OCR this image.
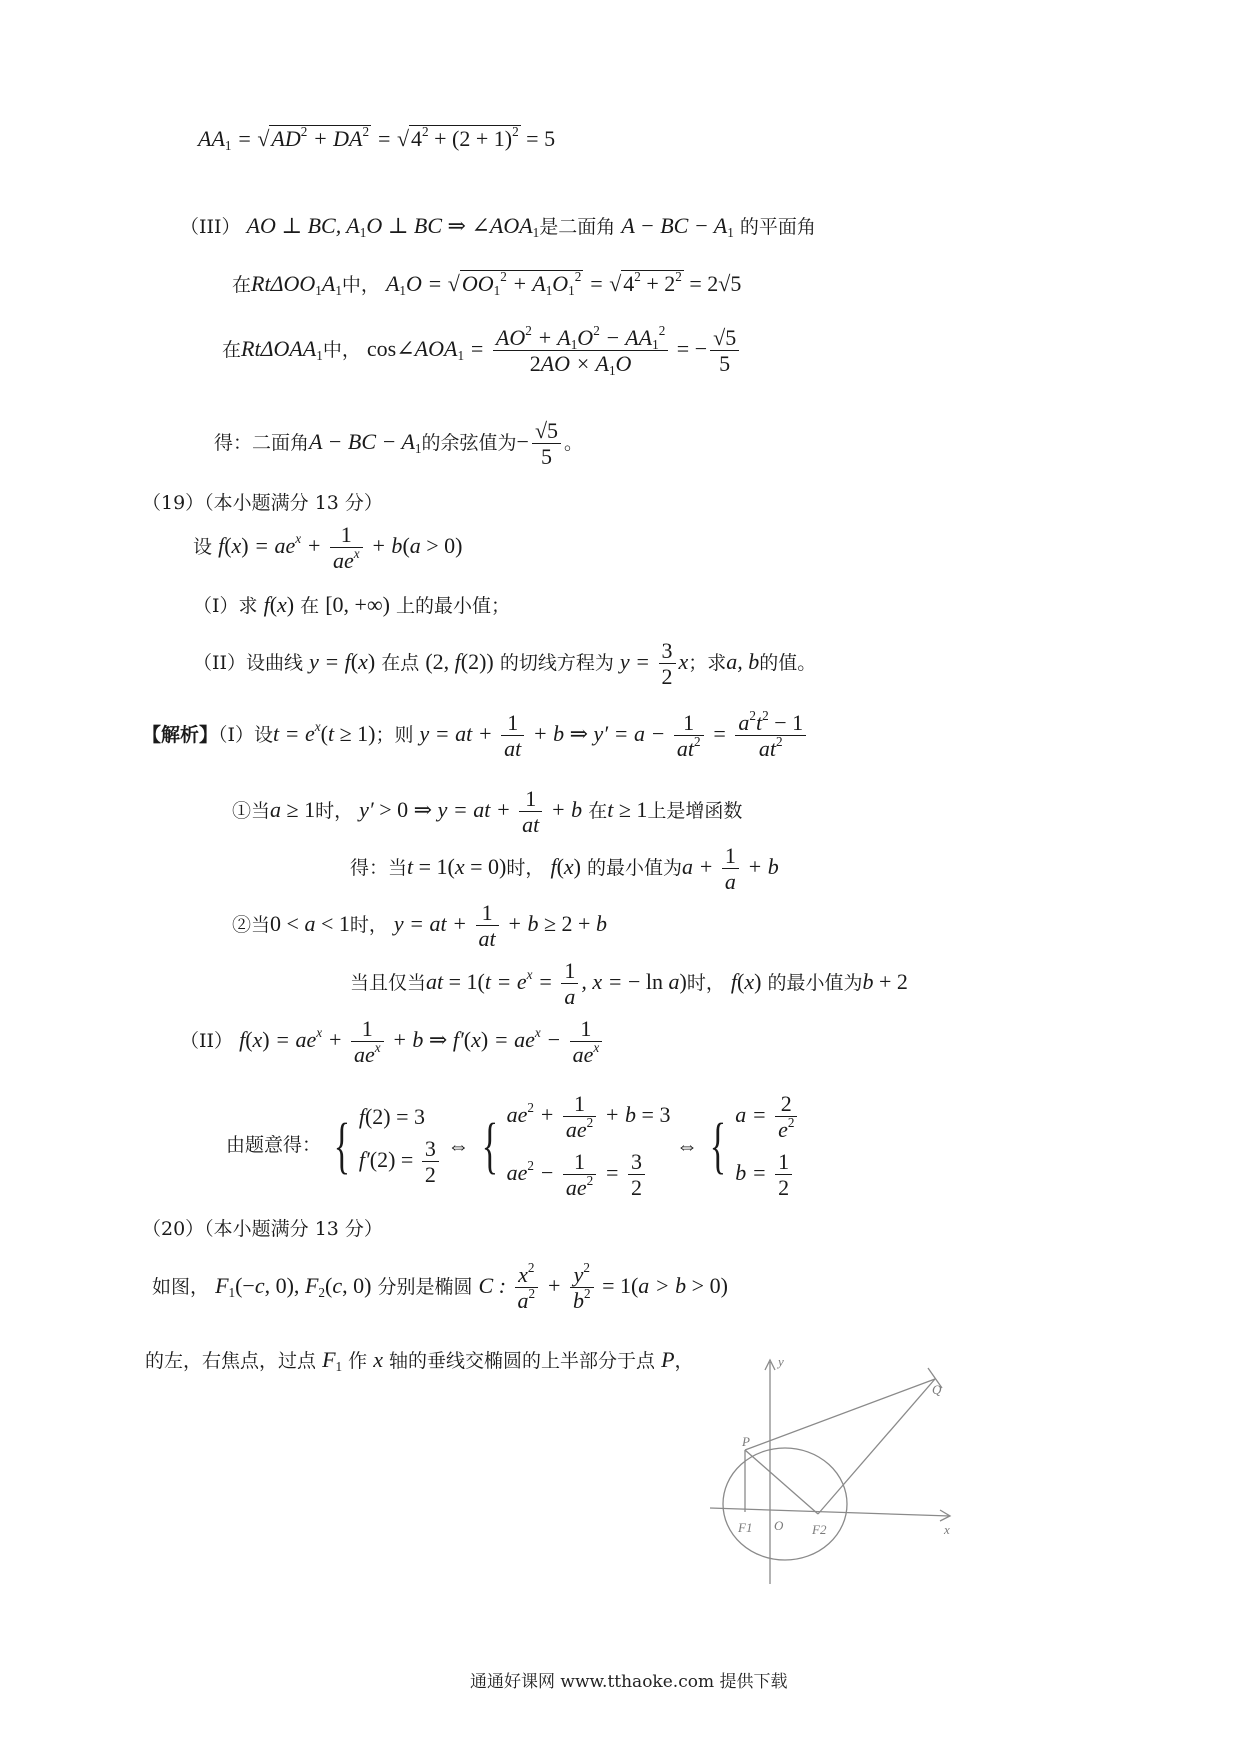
$AA_1 = √AD^2 + DA^2 = √4^2 + (2 + 1)^2 = 5$
（III） AO ⊥ BC, $A_1O$ ⊥ BC ⇒ $\angle AOA_1$是二面角 A − BC − $A_1$ 的平面角
在$Rt\Delta OO_1A_1$中， $A_1O = √OO_1^2 + A_1O_1^2 = √4^2 + 2^2 = 2√5$
在RtΔOAA$_1$中， $\cos\angle AOA_1 = \frac{AO^2 + A_1O^2 - AA_1^2}{2AO \times A_1O}$ = − $\frac{√5}{5}$
得：二面角A − BC − $A_1$的余弦值为− $\frac{√5}{5}$ 。
（19）（本小题满分 13 分）
设 $f(x) = ae^x + \frac{1}{ae^x} + b(a > 0)$
（I）求 f(x) 在 [0, +∞) 上的最小值；
（II）设曲线 y = f(x) 在点 (2, f(2)) 的切线方程为 $y = \frac{3}{2}$ x；求a, b的值。
【解析】（I）设$t = e^x(t \ge 1)$；则 y = at + $\frac{1}{at} + b$ ⇒ $y' = a - \frac{1}{at^2} = \frac{a^2t^2 - 1}{at^2}$
①当a ≥ 1时， y′ > 0 ⇒ y = at + $\frac{1}{at} + b$ 在t ≥ 1上是增函数
得：当t = 1(x = 0)时， f(x) 的最小值为$a + \frac{1}{a} + b$
②当0 < a < 1时， y = at + $\frac{1}{at} + b \ge 2 + b$
当且仅当at = $1(t = e^x = \frac{1}{a}$ , x = − ln a)时， f(x) 的最小值为b + 2
（II） $f(x) = ae^x + \frac{1}{ae^x} + b$ ⇒ $f'(x) = ae^x - \frac{1}{ae^x}$
由题意得： { f(2) = 3
$f'(2) = \frac{3}{2}$ ⇔ { $ae^2 + \frac{1}{ae^2} + b = 3$
$ae^2 - \frac{1}{ae^2} = \frac{3}{2}$
⇔ { $a = \frac{2}{e^2}$
$b = \frac{1}{2}$
（20）（本小题满分 13 分）
如图， $F_1(-c$, 0), $F_2(c$, 0) 分别是椭圆 C : $\frac{x^2}{a^2} + \frac{y^2}{b^2} = 1(a > b > 0)$
的左，右焦点，过点 $F_1$ 作 x 轴的垂线交椭圆的上半部分于点 P，	y
Q
P
F1 O F2	x
通通好课网 www.tthaoke.com 提供下载
